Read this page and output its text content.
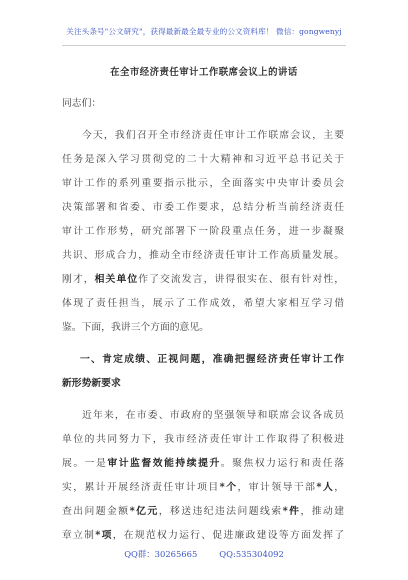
关注头条号"公文研究"，获得最新最全最专业的公文资料库！ 微信：gongwenyj
在全市经济责任审计工作联席会议上的讲话
同志们：
今天，我们召开全市经济责任审计工作联席会议，主要
任务是深入学习贯彻党的二十大精神和习近平总书记关于
审计工作的系列重要指示批示，全面落实中央审计委员会
决策部署和省委、市委工作要求，总结分析当前经济责任
审计工作形势，研究部署下一阶段重点任务，进一步凝聚
共识、形成合力，推动全市经济责任审计工作高质量发展。
刚才，相关单位作了交流发言，讲得很实在、很有针对性，
体现了责任担当，展示了工作成效，希望大家相互学习借
鉴。下面，我讲三个方面的意见。
一、肯定成绩、正视问题，准确把握经济责任审计工作
新形势新要求
近年来，在市委、市政府的坚强领导和联席会议各成员
单位的共同努力下，我市经济责任审计工作取得了积极进
展。一是审计监督效能持续提升。聚焦权力运行和责任落
实，累计开展经济责任审计项目*个，审计领导干部*人，
查出问题金额*亿元，移送违纪违法问题线索*件，推动建
章立制*项，在规范权力运行、促进廉政建设等方面发挥了
QQ群：30265665	QQ:535304092
